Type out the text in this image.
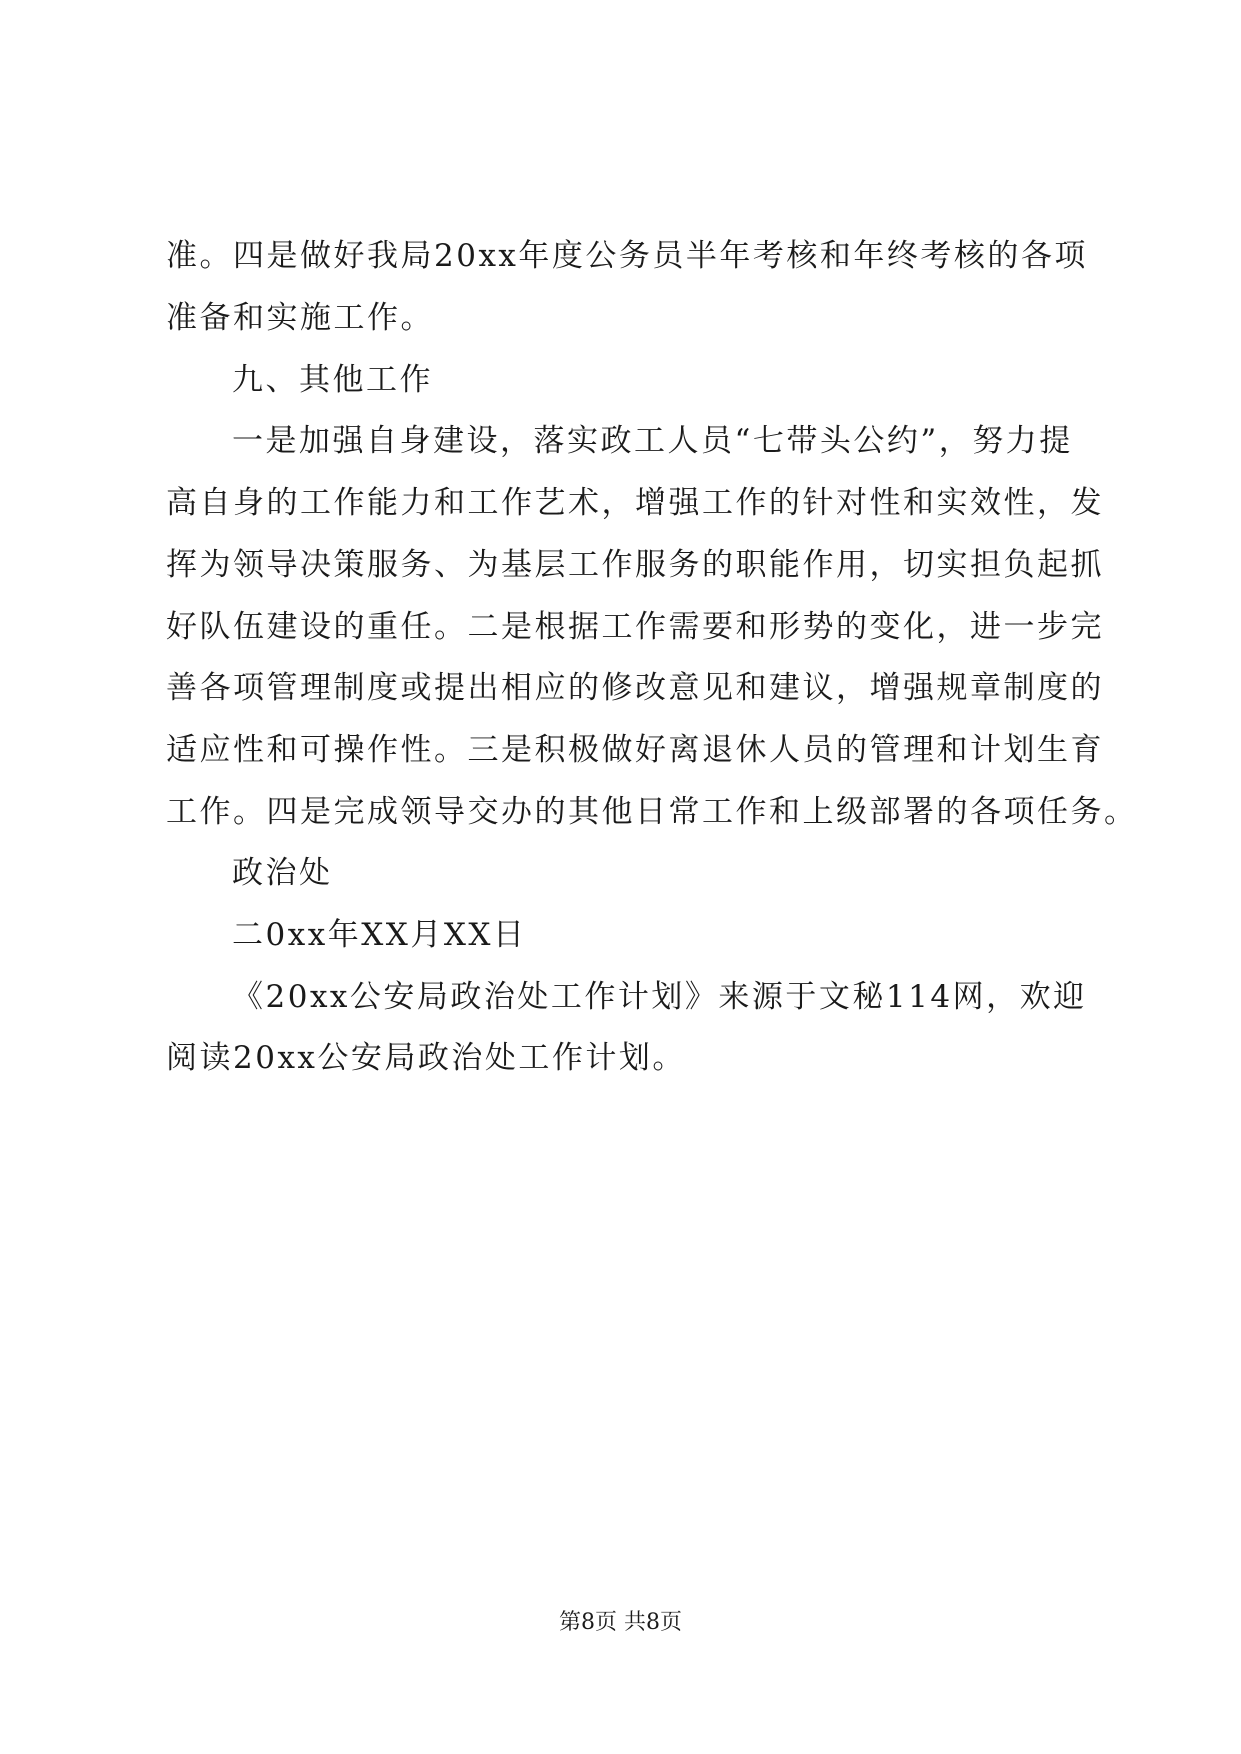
准。四是做好我局20xx年度公务员半年考核和年终考核的各项
准备和实施工作。
九、其他工作
一是加强自身建设，落实政工人员“七带头公约”，努力提
高自身的工作能力和工作艺术，增强工作的针对性和实效性，发
挥为领导决策服务、为基层工作服务的职能作用，切实担负起抓
好队伍建设的重任。二是根据工作需要和形势的变化，进一步完
善各项管理制度或提出相应的修改意见和建议，增强规章制度的
适应性和可操作性。三是积极做好离退休人员的管理和计划生育
工作。四是完成领导交办的其他日常工作和上级部署的各项任务。
政治处
二0xx年XX月XX日
《20xx公安局政治处工作计划》来源于文秘114网，欢迎
阅读20xx公安局政治处工作计划。
第8页 共8页
